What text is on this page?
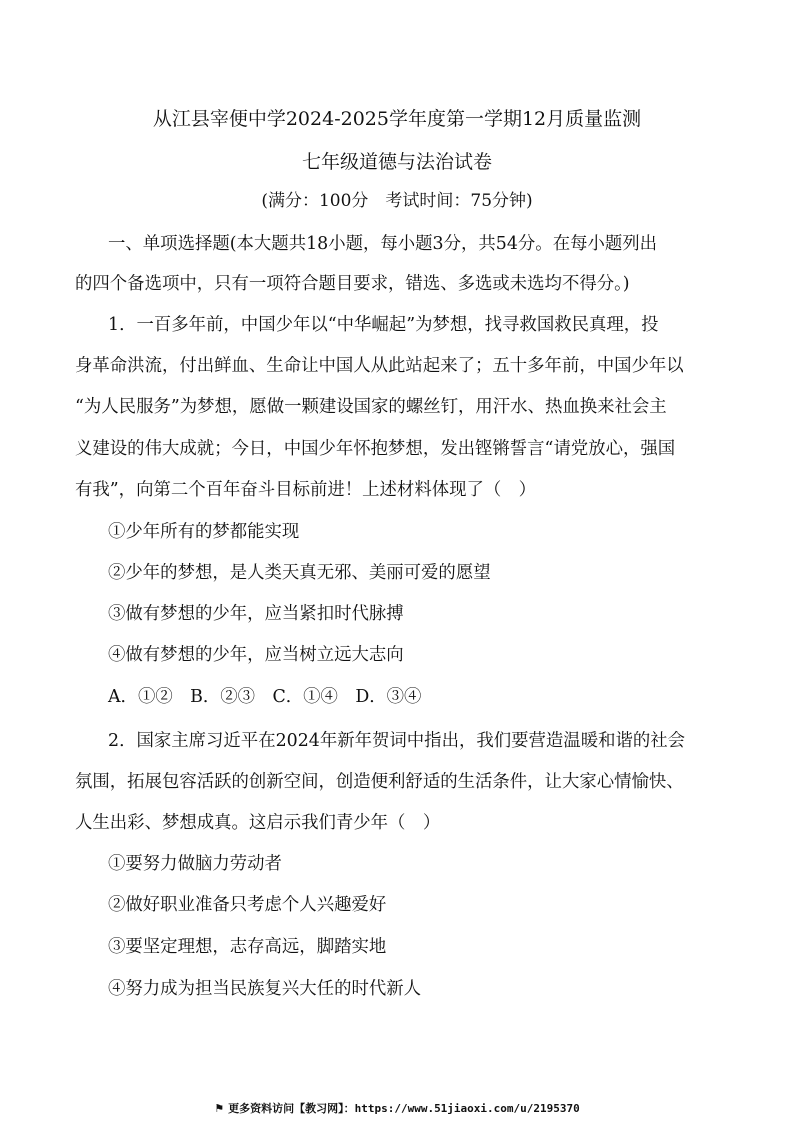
从江县宰便中学2024-2025学年度第一学期12月质量监测
七年级道德与法治试卷
(满分：100分　考试时间：75分钟)
一、单项选择题(本大题共18小题，每小题3分，共54分。在每小题列出
的四个备选项中，只有一项符合题目要求，错选、多选或未选均不得分。)
1．一百多年前，中国少年以“中华崛起”为梦想，找寻救国救民真理，投
身革命洪流，付出鲜血、生命让中国人从此站起来了；五十多年前，中国少年以
“为人民服务”为梦想，愿做一颗建设国家的螺丝钉，用汗水、热血换来社会主
义建设的伟大成就；今日，中国少年怀抱梦想，发出铿锵誓言“请党放心，强国
有我”，向第二个百年奋斗目标前进！上述材料体现了（　）
①少年所有的梦都能实现
②少年的梦想，是人类天真无邪、美丽可爱的愿望
③做有梦想的少年，应当紧扣时代脉搏
④做有梦想的少年，应当树立远大志向
A．①②　B．②③　C．①④　D．③④
2．国家主席习近平在2024年新年贺词中指出，我们要营造温暖和谐的社会
氛围，拓展包容活跃的创新空间，创造便利舒适的生活条件，让大家心情愉快、
人生出彩、梦想成真。这启示我们青少年（　）
①要努力做脑力劳动者
②做好职业准备只考虑个人兴趣爱好
③要坚定理想，志存高远，脚踏实地
④努力成为担当民族复兴大任的时代新人
⚑ 更多资料访问【教习网】：https://www.51jiaoxi.com/u/2195370
